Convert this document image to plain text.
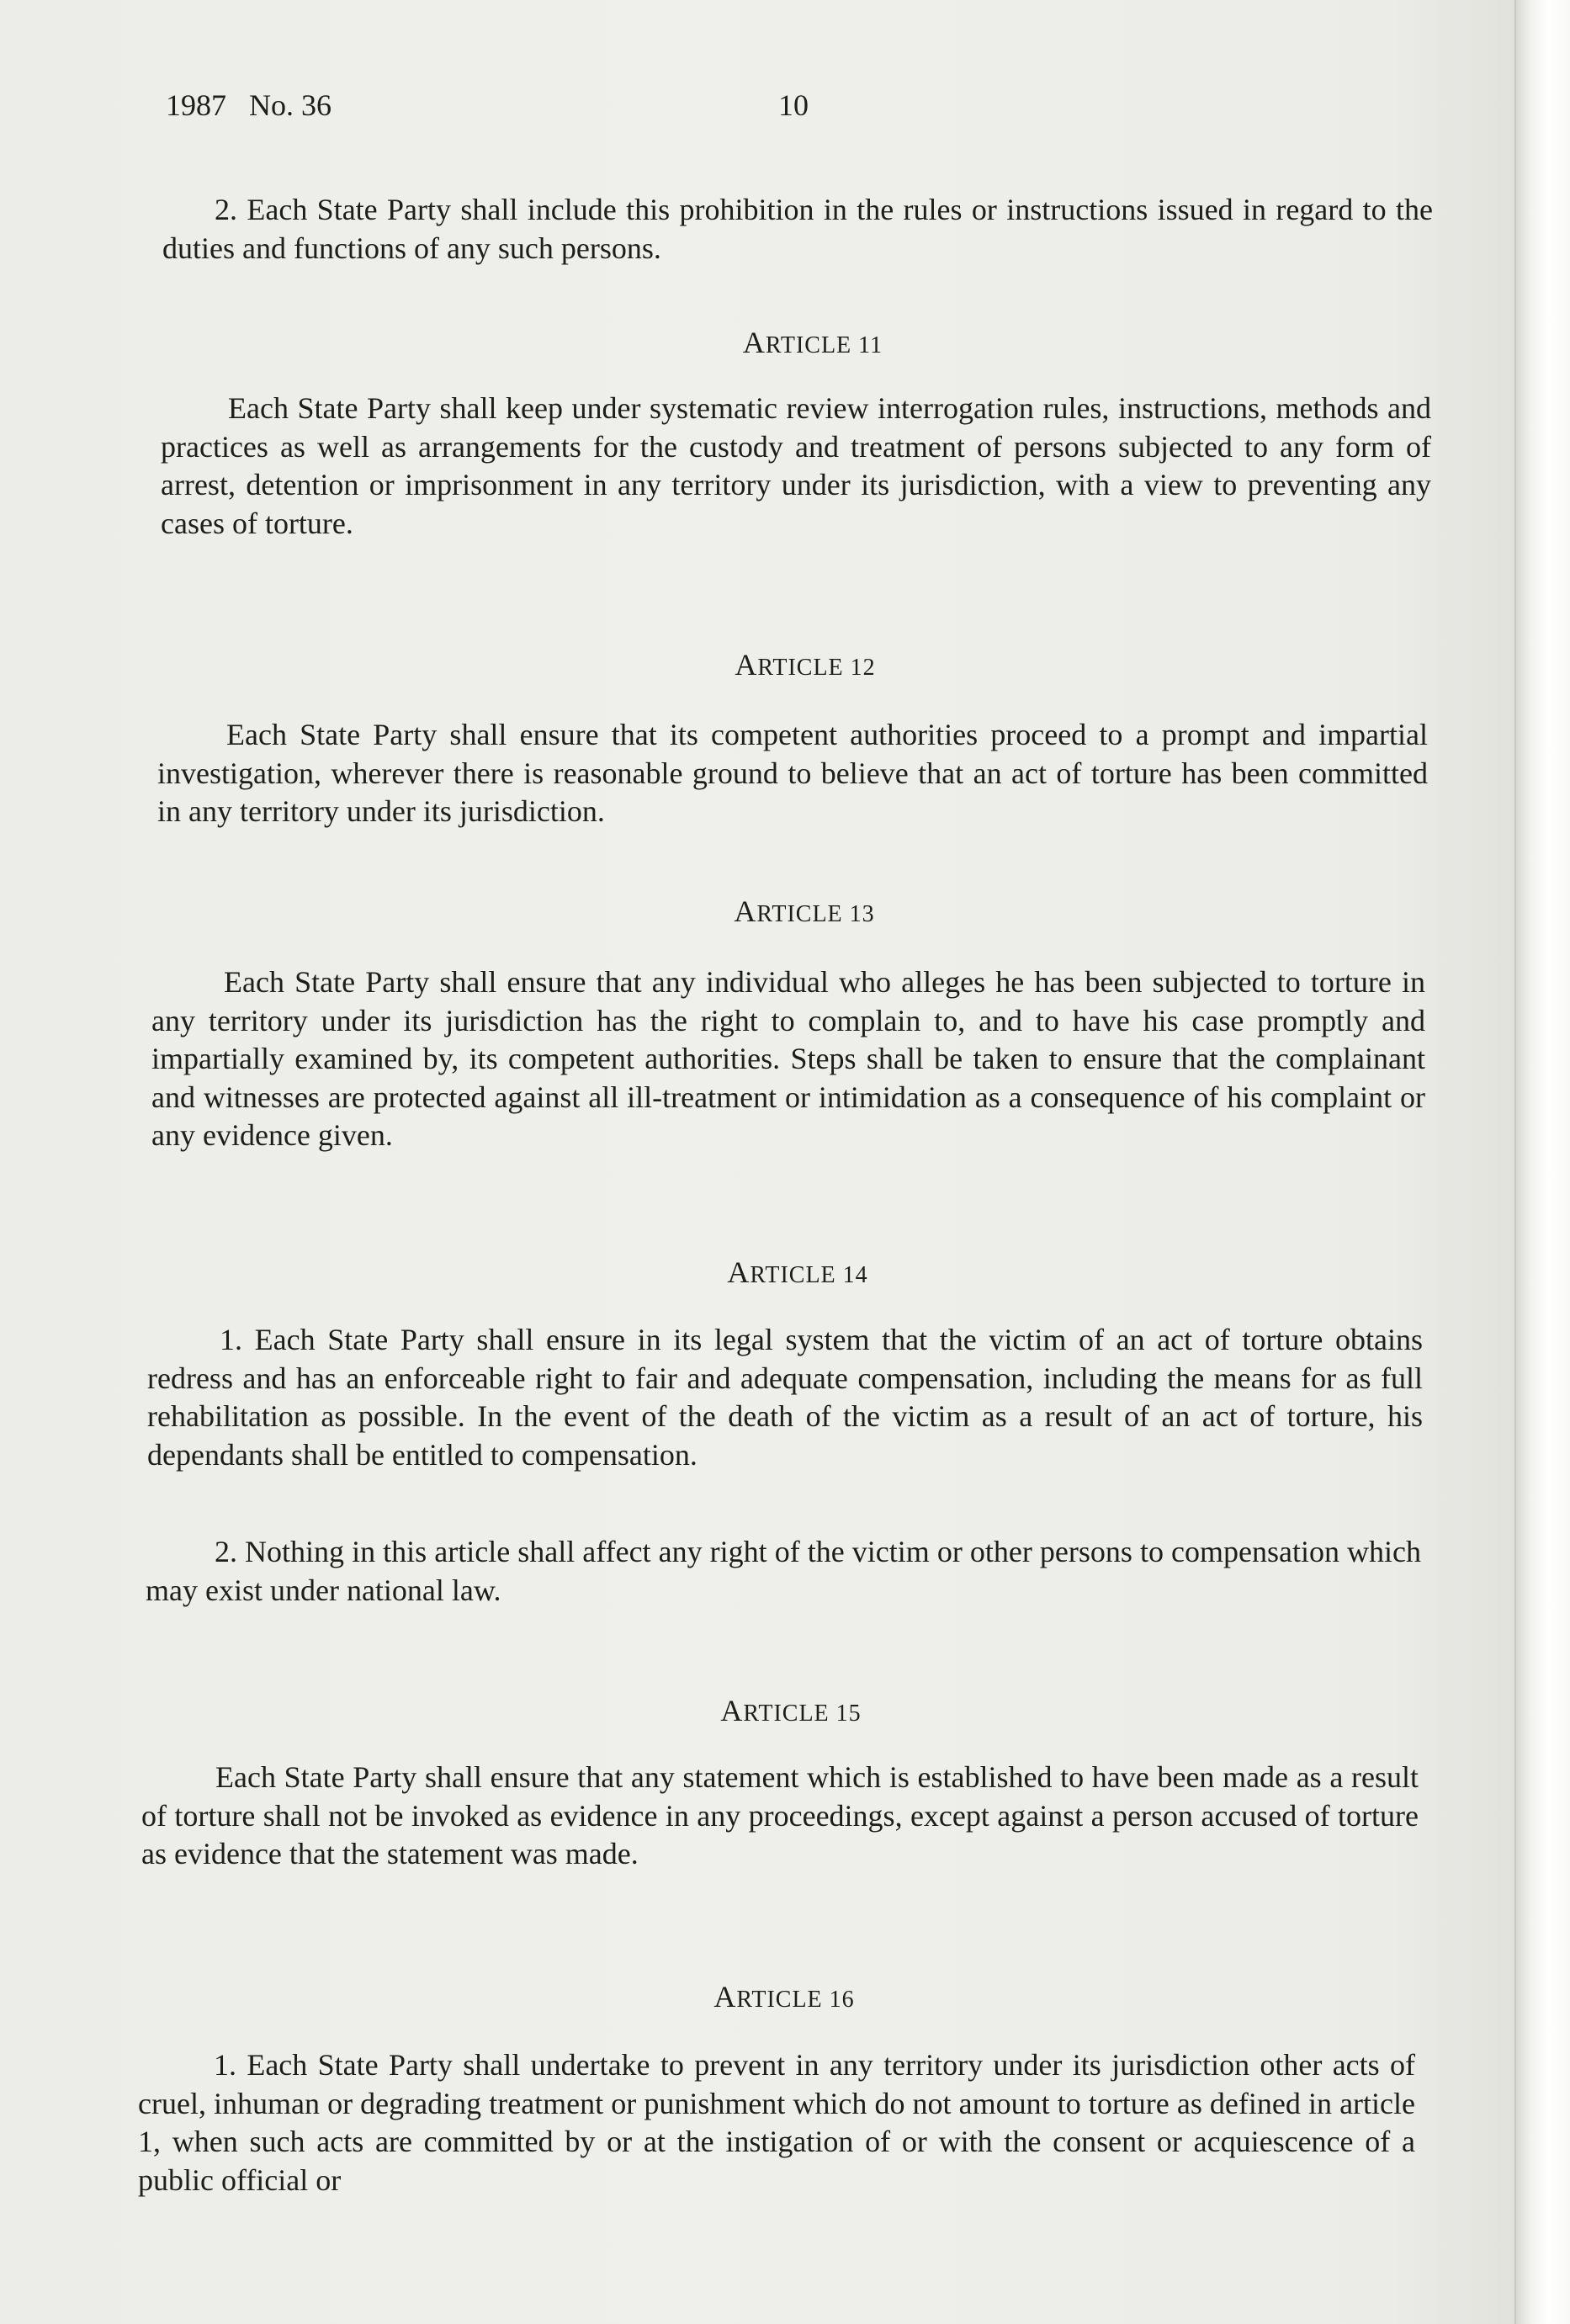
1987   No. 36	10

2. Each State Party shall include this prohibition in the rules or instructions issued in regard to the duties and functions of any such persons.

ARTICLE 11

Each State Party shall keep under systematic review interrogation rules, instructions, methods and practices as well as arrangements for the custody and treatment of persons subjected to any form of arrest, detention or imprisonment in any territory under its jurisdiction, with a view to preventing any cases of torture.

ARTICLE 12

Each State Party shall ensure that its competent authorities proceed to a prompt and impartial investigation, wherever there is reasonable ground to believe that an act of torture has been committed in any territory under its jurisdiction.

ARTICLE 13

Each State Party shall ensure that any individual who alleges he has been subjected to torture in any territory under its jurisdiction has the right to complain to, and to have his case promptly and impartially examined by, its competent authorities. Steps shall be taken to ensure that the complainant and witnesses are protected against all ill-treatment or intimidation as a consequence of his complaint or any evidence given.

ARTICLE 14

1. Each State Party shall ensure in its legal system that the victim of an act of torture obtains redress and has an enforceable right to fair and adequate compensation, including the means for as full rehabilitation as possible. In the event of the death of the victim as a result of an act of torture, his dependants shall be entitled to compensation.

2. Nothing in this article shall affect any right of the victim or other persons to compensation which may exist under national law.

ARTICLE 15

Each State Party shall ensure that any statement which is established to have been made as a result of torture shall not be invoked as evidence in any proceedings, except against a person accused of torture as evidence that the statement was made.

ARTICLE 16

1. Each State Party shall undertake to prevent in any territory under its jurisdiction other acts of cruel, inhuman or degrading treatment or punishment which do not amount to torture as defined in article 1, when such acts are committed by or at the instigation of or with the consent or acquiescence of a public official or
